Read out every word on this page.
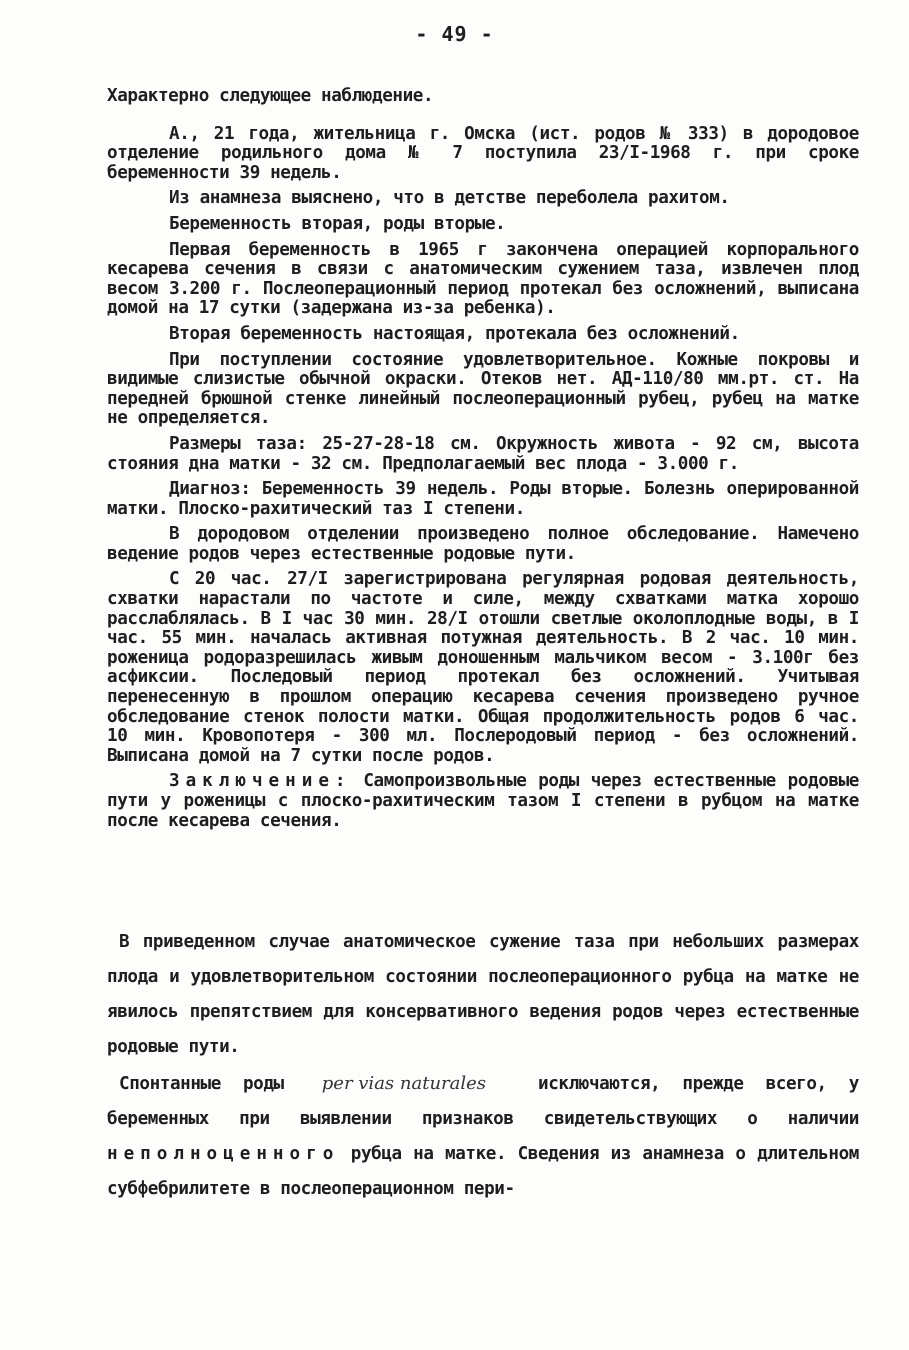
- 49 -

Характерно следующее наблюдение.

А., 21 года, жительница г. Омска (ист. родов № 333) в дородовое отделение родильного дома № 7 поступила 23/I-1968 г. при сроке беременности 39 недель.

Из анамнеза выяснено, что в детстве переболела рахитом.

Беременность вторая, роды вторые.

Первая беременность в 1965 г закончена операцией корпорального кесарева сечения в связи с анатомическим сужением таза, извлечен плод весом 3.200 г. Послеоперационный период протекал без осложнений, выписана домой на 17 сутки (задержана из-за ребенка).

Вторая беременность настоящая, протекала без осложнений.

При поступлении состояние удовлетворительное. Кожные покровы и видимые слизистые обычной окраски. Отеков нет. АД-110/80 мм.рт. ст. На передней брюшной стенке линейный послеоперационный рубец, рубец на матке не определяется.

Размеры таза: 25-27-28-18 см. Окружность живота - 92 см, высота стояния дна матки - 32 см. Предполагаемый вес плода - 3.000 г.

Диагноз: Беременность 39 недель. Роды вторые. Болезнь оперированной матки. Плоско-рахитический таз I степени.

В дородовом отделении произведено полное обследование. Намечено ведение родов через естественные родовые пути.

С 20 час. 27/I зарегистрирована регулярная родовая деятельность, схватки нарастали по частоте и силе, между схватками матка хорошо расслаблялась. В I час 30 мин. 28/I отошли светлые околоплодные воды, в I час. 55 мин. началась активная потужная деятельность. В 2 час. 10 мин. роженица родоразрешилась живым доношенным мальчиком весом - 3.100г без асфиксии. Последовый период протекал без осложнений. Учитывая перенесенную в прошлом операцию кесарева сечения произведено ручное обследование стенок полости матки. Общая продолжительность родов 6 час. 10 мин. Кровопотеря - 300 мл. Послеродовый период - без осложнений. Выписана домой на 7 сутки после родов.

Заключение: Самопроизвольные роды через естественные родовые пути у роженицы с плоско-рахитическим тазом I степени в рубцом на матке после кесарева сечения.

В приведенном случае анатомическое сужение таза при небольших размерах плода и удовлетворительном состоянии послеоперационного рубца на матке не явилось препятствием для консервативного ведения родов через естественные родовые пути.

Спонтанные роды per vias naturales	исключаются, прежде всего, у беременных при выявлении признаков свидетельствующих о наличии неполноценного рубца на матке. Сведения из анамнеза о длительном субфебрилитете в послеоперационном пери-
